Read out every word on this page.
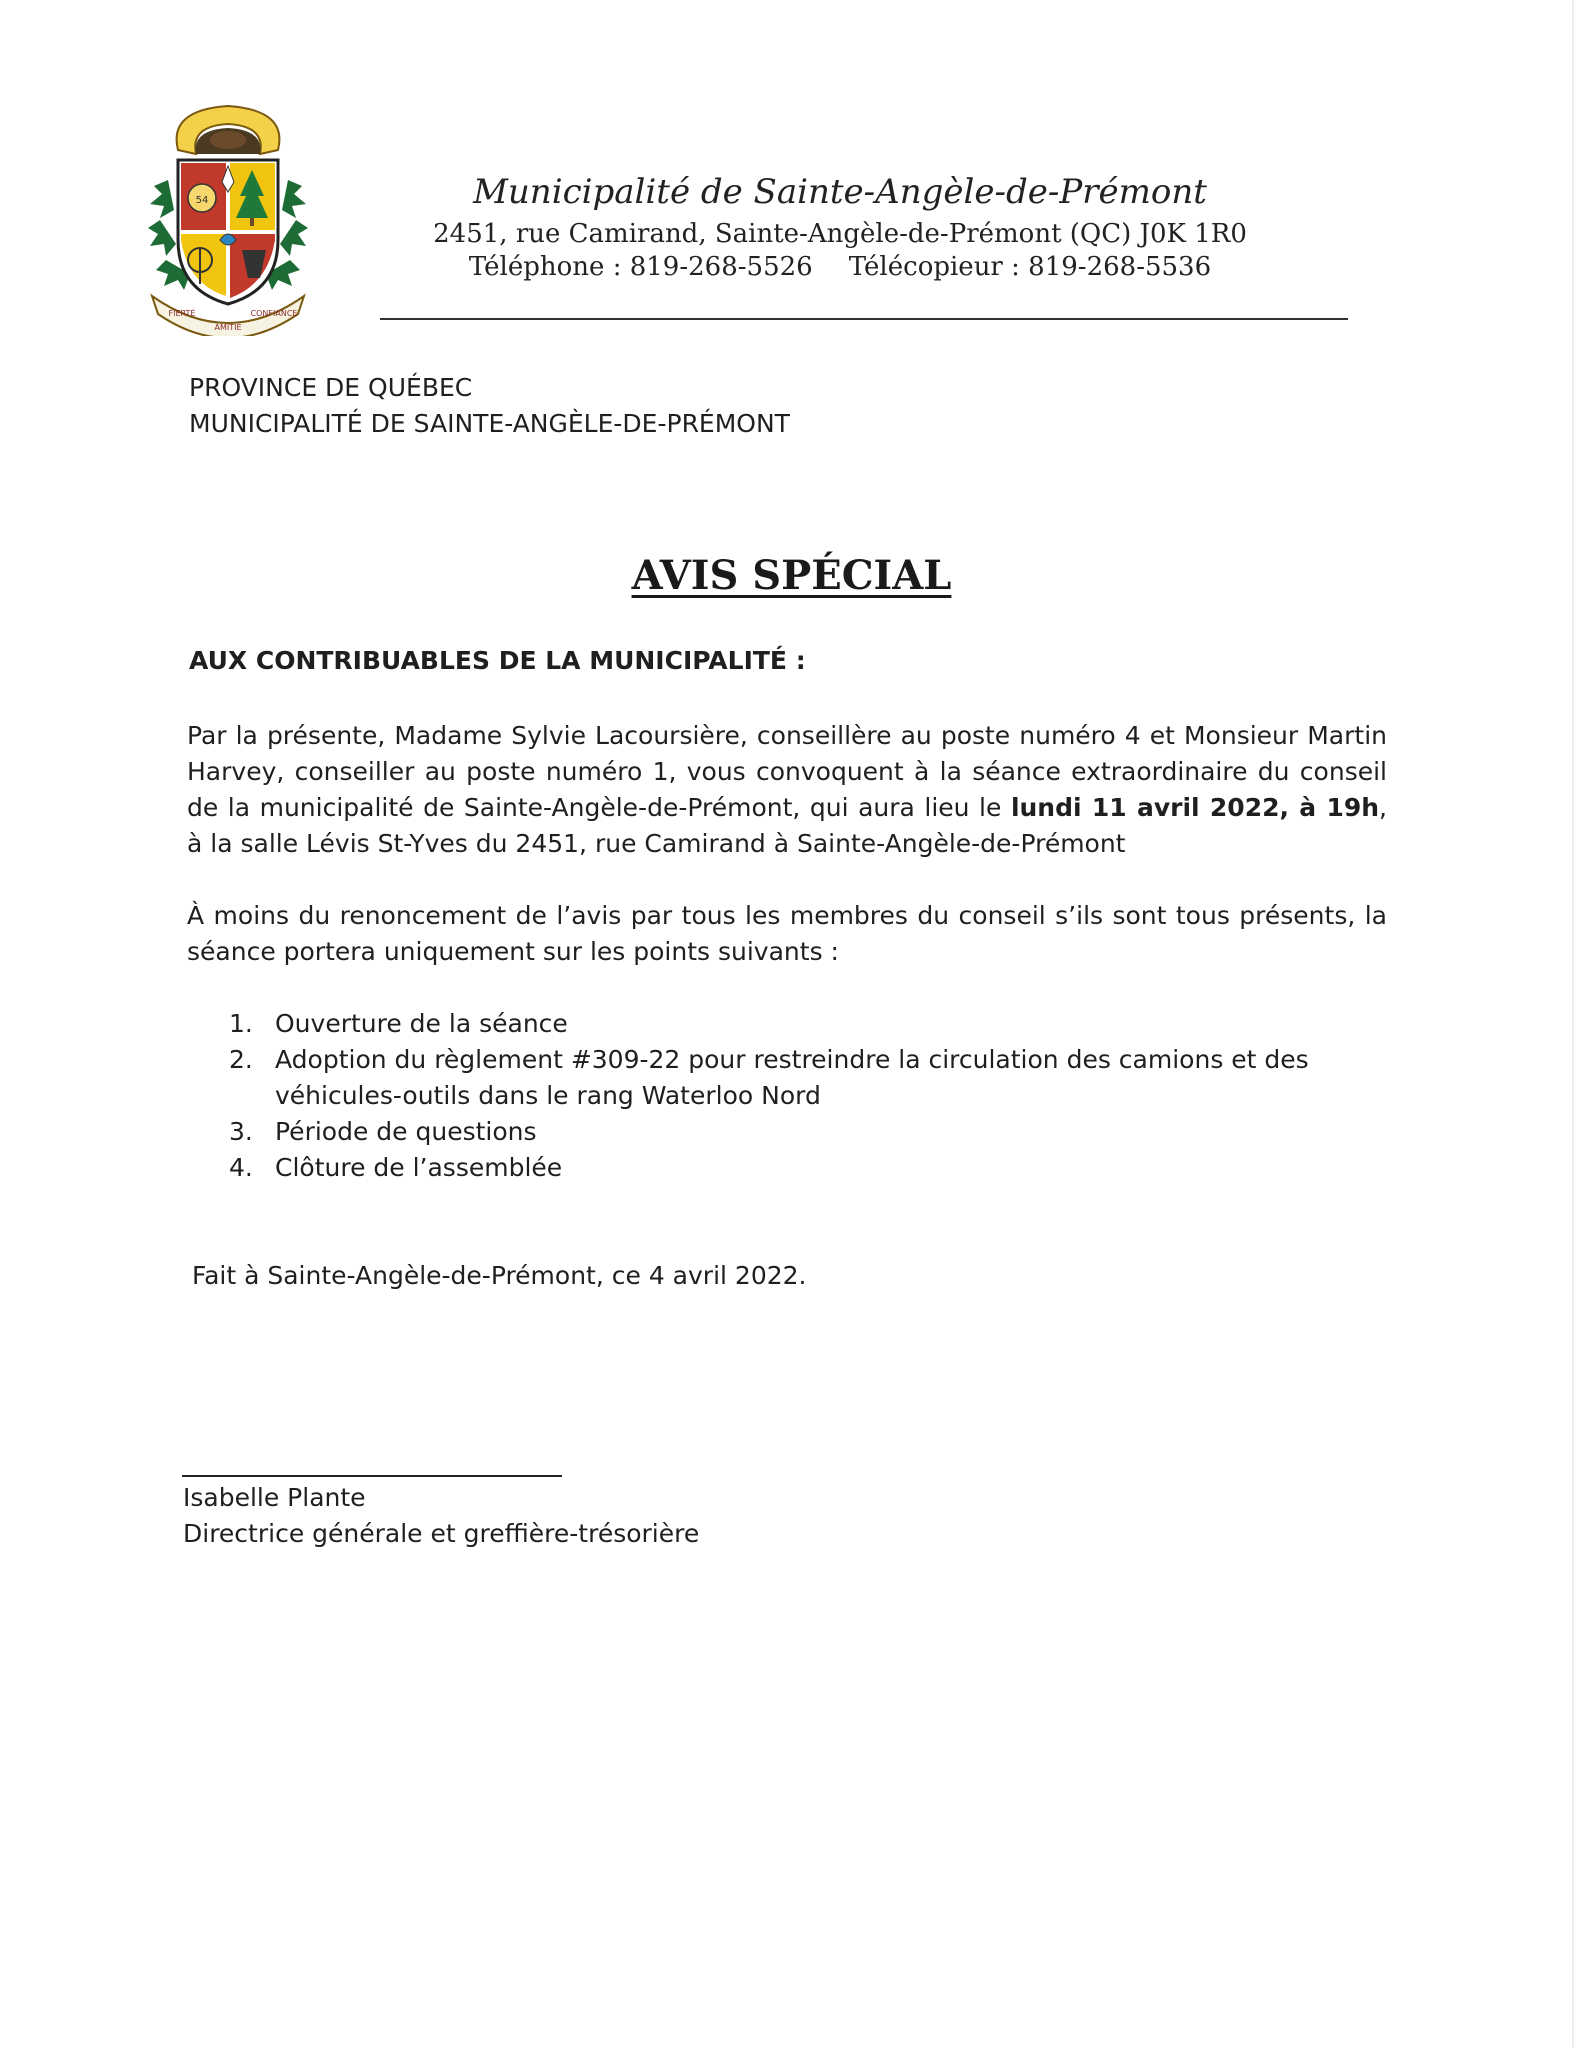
54
FIERTÉ
AMITIÉ
CONFIANCE
Municipalité de Sainte-Angèle-de-Prémont
2451, rue Camirand, Sainte-Angèle-de-Prémont (QC) J0K 1R0
Téléphone : 819-268-5526 Télécopieur : 819-268-5536
PROVINCE DE QUÉBEC
MUNICIPALITÉ DE SAINTE-ANGÈLE-DE-PRÉMONT
AVIS SPÉCIAL
AUX CONTRIBUABLES DE LA MUNICIPALITÉ :
Par la présente, Madame Sylvie Lacoursière, conseillère au poste numéro 4 et Monsieur Martin Harvey, conseiller au poste numéro 1, vous convoquent à la séance extraordinaire du conseil de la municipalité de Sainte-Angèle-de-Prémont, qui aura lieu le lundi 11 avril 2022, à 19h, à la salle Lévis St-Yves du 2451, rue Camirand à Sainte-Angèle-de-Prémont
À moins du renoncement de l’avis par tous les membres du conseil s’ils sont tous présents, la séance portera uniquement sur les points suivants :
1. Ouverture de la séance
2. Adoption du règlement #309-22 pour restreindre la circulation des camions et des véhicules-outils dans le rang Waterloo Nord
3. Période de questions
4. Clôture de l’assemblée
Fait à Sainte-Angèle-de-Prémont, ce 4 avril 2022.
Isabelle Plante
Directrice générale et greffière-trésorière
